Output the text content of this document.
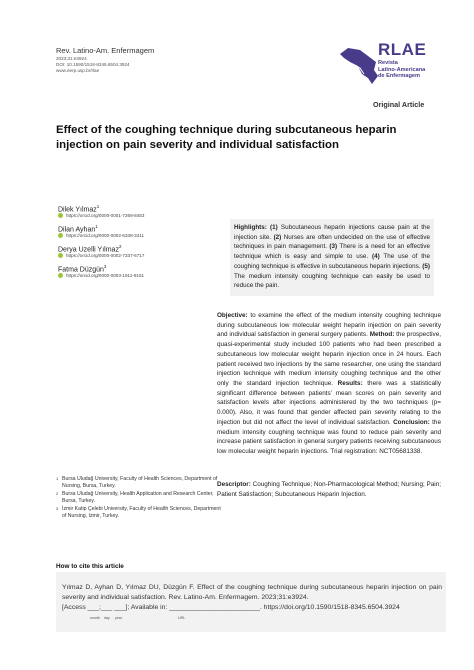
Rev. Latino-Am. Enfermagem
2023;31:e3924
DOI: 10.1590/1518-8345.6504.3924
www.eerp.usp.br/rlae
RLAE
Revista
Latino-Americana
de Enfermagem
Original Article
Effect of the coughing technique during subcutaneous heparin injection on pain severity and individual satisfaction
Dilek Yılmaz$^1$
https://orcid.org/0000-0001-7269-8483
Dilan Ayhan$^1$
https://orcid.org/0000-0002-6338-3411
Derya Uzelli Yılmaz$^2$
https://orcid.org/0000-0002-7337-6717
Fatma Düzgün$^3$
https://orcid.org/0000-0003-1911-9151
Highlights: (1) Subcutaneous heparin injections cause pain at the injection site. (2) Nurses are often undecided on the use of effective techniques in pain management. (3) There is a need for an effective technique which is easy and simple to use. (4) The use of the coughing technique is effective in subcutaneous heparin injections. (5) The medium intensity coughing technique can easily be used to reduce the pain.
Objective: to examine the effect of the medium intensity coughing technique during subcutaneous low molecular weight heparin injection on pain severity and individual satisfaction in general surgery patients. Method: the prospective, quasi-experimental study included 100 patients who had been prescribed a subcutaneous low molecular weight heparin injection once in 24 hours. Each patient received two injections by the same researcher, one using the standard injection technique with medium intensity coughing technique and the other only the standard injection technique. Results: there was a statistically significant difference between patients' mean scores on pain severity and satisfaction levels after injections administered by the two techniques (p= 0.000). Also, it was found that gender affected pain severity relating to the injection but did not affect the level of individual satisfaction. Conclusion: the medium intensity coughing technique was found to reduce pain severity and increase patient satisfaction in general surgery patients receiving subcutaneous low molecular weight heparin injections. Trial registration: NCT05681338.
Descriptor: Coughing Technique; Non-Pharmacological Method; Nursing; Pain; Patient Satisfaction; Subcutaneous Heparin Injection.
1 Bursa Uludağ University, Faculty of Health Sciences, Department of Nursing, Bursa, Turkey.
2 Bursa Uludağ University, Health Application and Research Center, Bursa, Turkey.
3 İzmir Katip Çelebi University, Faculty of Health Sciences, Department of Nursing, Izmir, Turkey.
How to cite this article
Yılmaz D, Ayhan D, Yılmaz DU, Düzgün F. Effect of the coughing technique during subcutaneous heparin injection on pain severity and individual satisfaction. Rev. Latino-Am. Enfermagem. 2023;31:e3924.
[Access ___;___ ___]; Available in: ________________________. https://doi.org/10.1590/1518-8345.6504.3924
month day year	URL
